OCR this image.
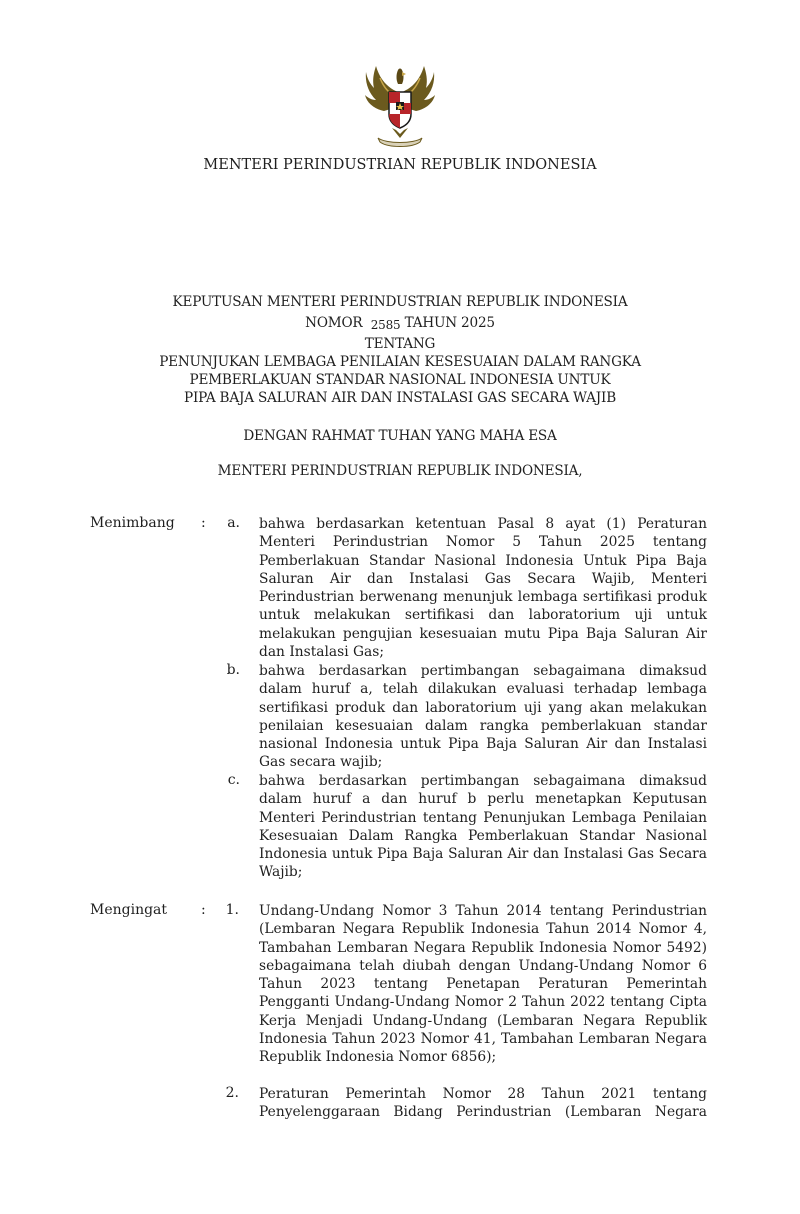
MENTERI PERINDUSTRIAN REPUBLIK INDONESIA
KEPUTUSAN MENTERI PERINDUSTRIAN REPUBLIK INDONESIA
NOMOR 2585 TAHUN 2025
TENTANG
PENUNJUKAN LEMBAGA PENILAIAN KESESUAIAN DALAM RANGKA
PEMBERLAKUAN STANDAR NASIONAL INDONESIA UNTUK
PIPA BAJA SALURAN AIR DAN INSTALASI GAS SECARA WAJIB
DENGAN RAHMAT TUHAN YANG MAHA ESA
MENTERI PERINDUSTRIAN REPUBLIK INDONESIA,
Menimbang :	a. bahwa berdasarkan ketentuan Pasal 8 ayat (1) Peraturan Menteri Perindustrian Nomor 5 Tahun 2025 tentang Pemberlakuan Standar Nasional Indonesia Untuk Pipa Baja Saluran Air dan Instalasi Gas Secara Wajib, Menteri Perindustrian berwenang menunjuk lembaga sertifikasi produk untuk melakukan sertifikasi dan laboratorium uji untuk melakukan pengujian kesesuaian mutu Pipa Baja Saluran Air dan Instalasi Gas;
b. bahwa berdasarkan pertimbangan sebagaimana dimaksud dalam huruf a, telah dilakukan evaluasi terhadap lembaga sertifikasi produk dan laboratorium uji yang akan melakukan penilaian kesesuaian dalam rangka pemberlakuan standar nasional Indonesia untuk Pipa Baja Saluran Air dan Instalasi Gas secara wajib;
c. bahwa berdasarkan pertimbangan sebagaimana dimaksud dalam huruf a dan huruf b perlu menetapkan Keputusan Menteri Perindustrian tentang Penunjukan Lembaga Penilaian Kesesuaian Dalam Rangka Pemberlakuan Standar Nasional Indonesia untuk Pipa Baja Saluran Air dan Instalasi Gas Secara Wajib;
Mengingat :	1. Undang-Undang Nomor 3 Tahun 2014 tentang Perindustrian (Lembaran Negara Republik Indonesia Tahun 2014 Nomor 4, Tambahan Lembaran Negara Republik Indonesia Nomor 5492) sebagaimana telah diubah dengan Undang-Undang Nomor 6 Tahun 2023 tentang Penetapan Peraturan Pemerintah Pengganti Undang-Undang Nomor 2 Tahun 2022 tentang Cipta Kerja Menjadi Undang-Undang (Lembaran Negara Republik Indonesia Tahun 2023 Nomor 41, Tambahan Lembaran Negara Republik Indonesia Nomor 6856);
2. Peraturan Pemerintah Nomor 28 Tahun 2021 tentang Penyelenggaraan Bidang Perindustrian (Lembaran Negara
